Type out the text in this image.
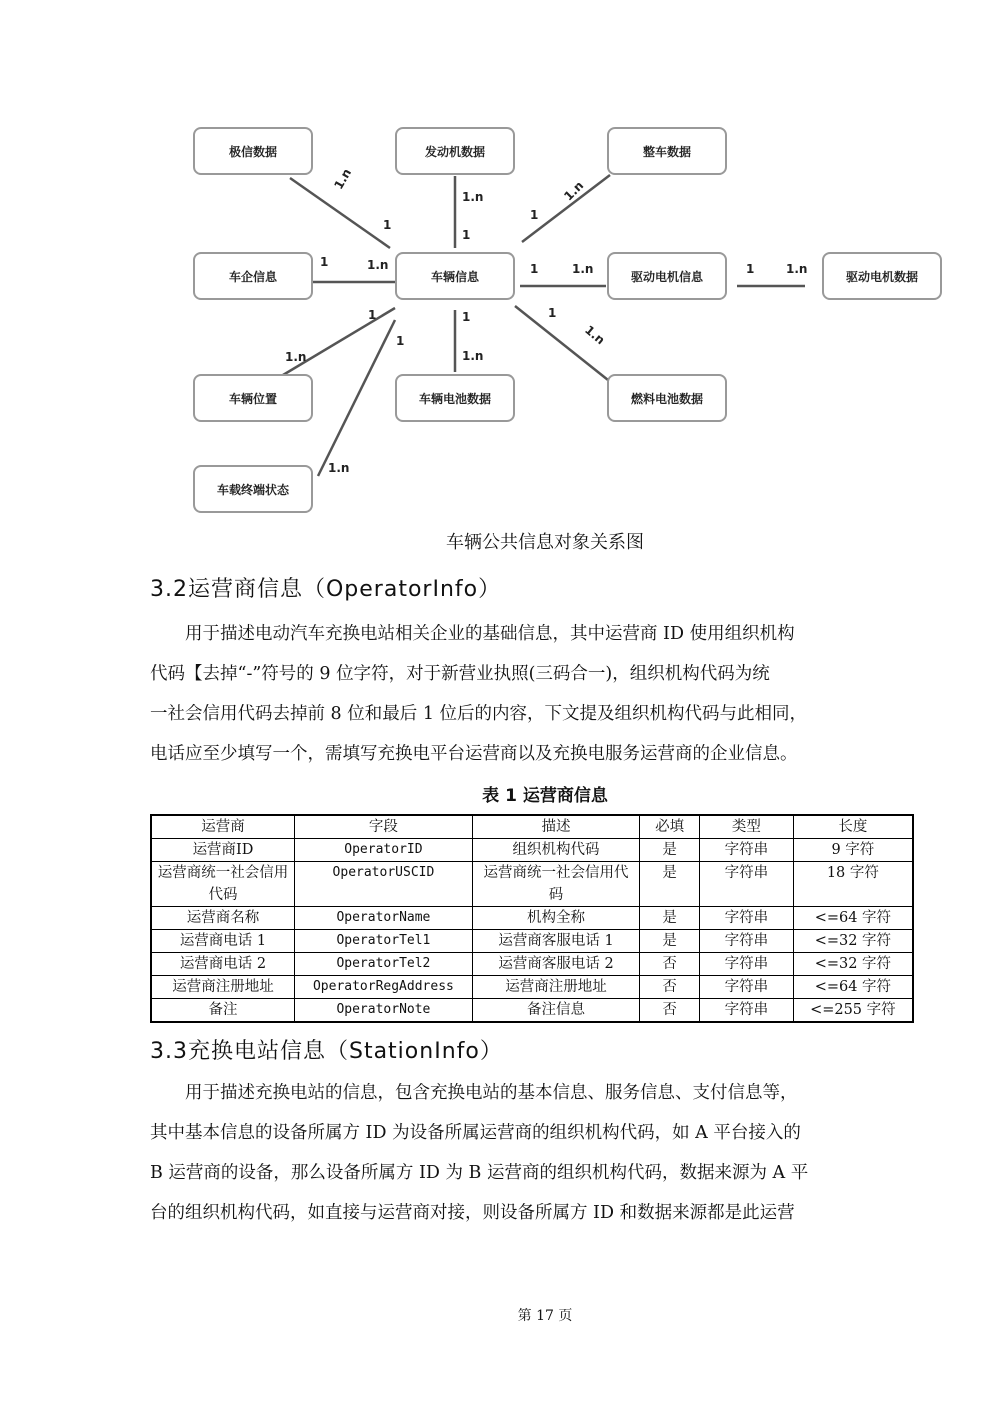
极信数据	发动机数据	整车数据
车企信息	车辆信息	驱动电机信息	驱动电机数据
车辆位置	车辆电池数据	燃料电池数据
车载终端状态
1.n
1
1.n
1
1.n
1
1	1.n	1	1.n	1	1.n
1
1.n
1
1.n
1
1.n
1
1.n
车辆公共信息对象关系图
3.2运营商信息（OperatorInfo）
用于描述电动汽车充换电站相关企业的基础信息，其中运营商 ID 使用组织机构
代码【去掉“-”符号的 9 位字符，对于新营业执照(三码合一)，组织机构代码为统
一社会信用代码去掉前 8 位和最后 1 位后的内容，下文提及组织机构代码与此相同，
电话应至少填写一个，需填写充换电平台运营商以及充换电服务运营商的企业信息。
表 1 运营商信息
运营商	字段	描述	必填	类型	长度
运营商ID	OperatorID	组织机构代码	是	字符串	9 字符
运营商统一社会信用代码	OperatorUSCID	运营商统一社会信用代码	是	字符串	18 字符
运营商名称	OperatorName	机构全称	是	字符串	<=64 字符
运营商电话 1	OperatorTel1	运营商客服电话 1	是	字符串	<=32 字符
运营商电话 2	OperatorTel2	运营商客服电话 2	否	字符串	<=32 字符
运营商注册地址	OperatorRegAddress	运营商注册地址	否	字符串	<=64 字符
备注	OperatorNote	备注信息	否	字符串	<=255 字符
3.3充换电站信息（StationInfo）
用于描述充换电站的信息，包含充换电站的基本信息、服务信息、支付信息等，
其中基本信息的设备所属方 ID 为设备所属运营商的组织机构代码，如 A 平台接入的
B 运营商的设备，那么设备所属方 ID 为 B 运营商的组织机构代码，数据来源为 A 平
台的组织机构代码，如直接与运营商对接，则设备所属方 ID 和数据来源都是此运营
第 17 页
